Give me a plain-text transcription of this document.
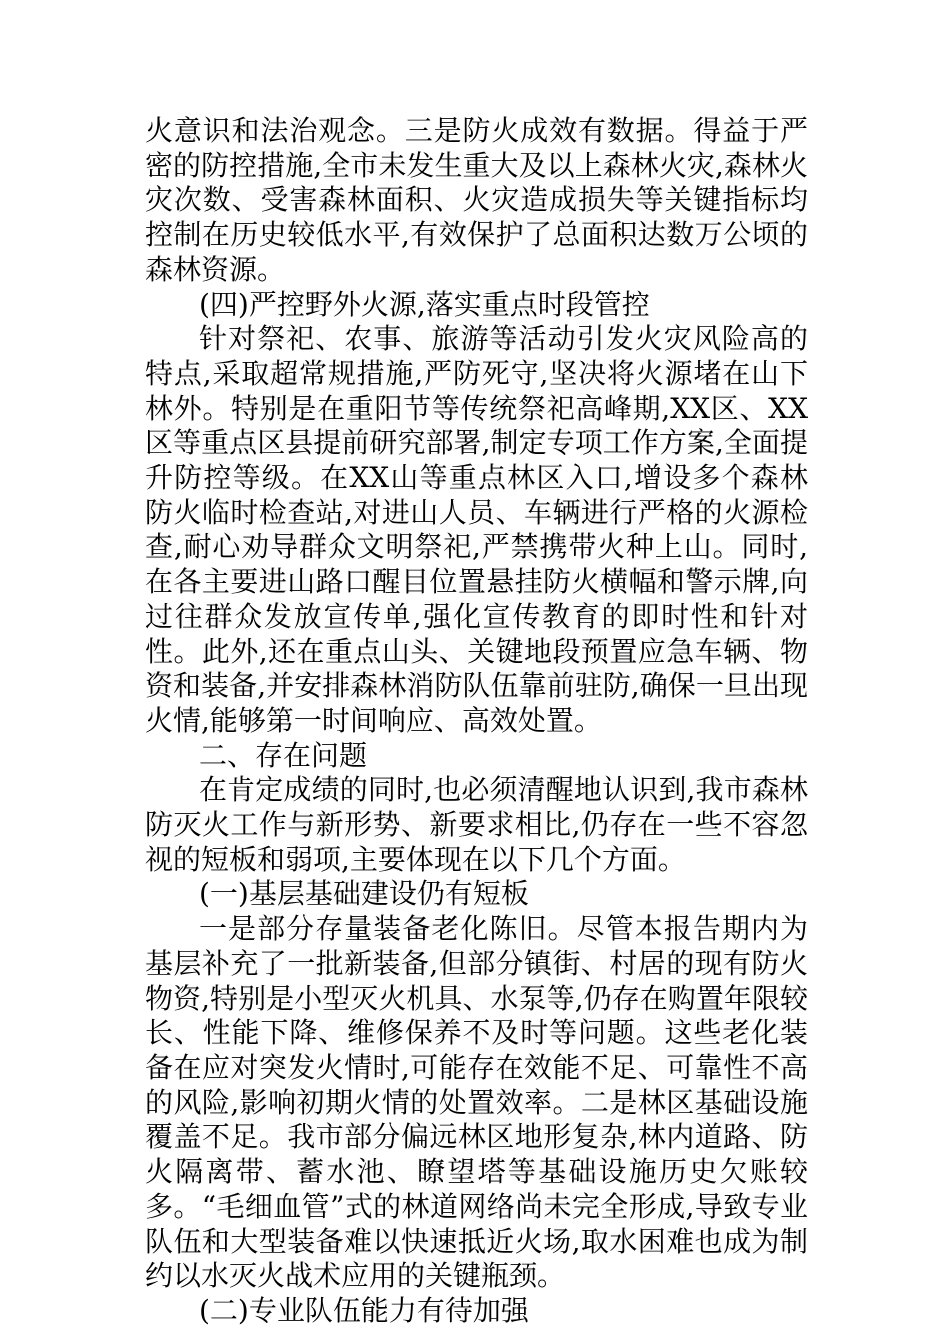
火意识和法治观念。三是防火成效有数据。得益于严密的防控措施,全市未发生重大及以上森林火灾,森林火灾次数、受害森林面积、火灾造成损失等关键指标均控制在历史较低水平,有效保护了总面积达数万公顷的森林资源。

(四)严控野外火源,落实重点时段管控

针对祭祀、农事、旅游等活动引发火灾风险高的特点,采取超常规措施,严防死守,坚决将火源堵在山下林外。特别是在重阳节等传统祭祀高峰期,XX区、XX区等重点区县提前研究部署,制定专项工作方案,全面提升防控等级。在XX山等重点林区入口,增设多个森林防火临时检查站,对进山人员、车辆进行严格的火源检查,耐心劝导群众文明祭祀,严禁携带火种上山。同时,在各主要进山路口醒目位置悬挂防火横幅和警示牌,向过往群众发放宣传单,强化宣传教育的即时性和针对性。此外,还在重点山头、关键地段预置应急车辆、物资和装备,并安排森林消防队伍靠前驻防,确保一旦出现火情,能够第一时间响应、高效处置。

二、存在问题

在肯定成绩的同时,也必须清醒地认识到,我市森林防灭火工作与新形势、新要求相比,仍存在一些不容忽视的短板和弱项,主要体现在以下几个方面。

(一)基层基础建设仍有短板

一是部分存量装备老化陈旧。尽管本报告期内为基层补充了一批新装备,但部分镇街、村居的现有防火物资,特别是小型灭火机具、水泵等,仍存在购置年限较长、性能下降、维修保养不及时等问题。这些老化装备在应对突发火情时,可能存在效能不足、可靠性不高的风险,影响初期火情的处置效率。二是林区基础设施覆盖不足。我市部分偏远林区地形复杂,林内道路、防火隔离带、蓄水池、瞭望塔等基础设施历史欠账较多。“毛细血管”式的林道网络尚未完全形成,导致专业队伍和大型装备难以快速抵近火场,取水困难也成为制约以水灭火战术应用的关键瓶颈。

(二)专业队伍能力有待加强
